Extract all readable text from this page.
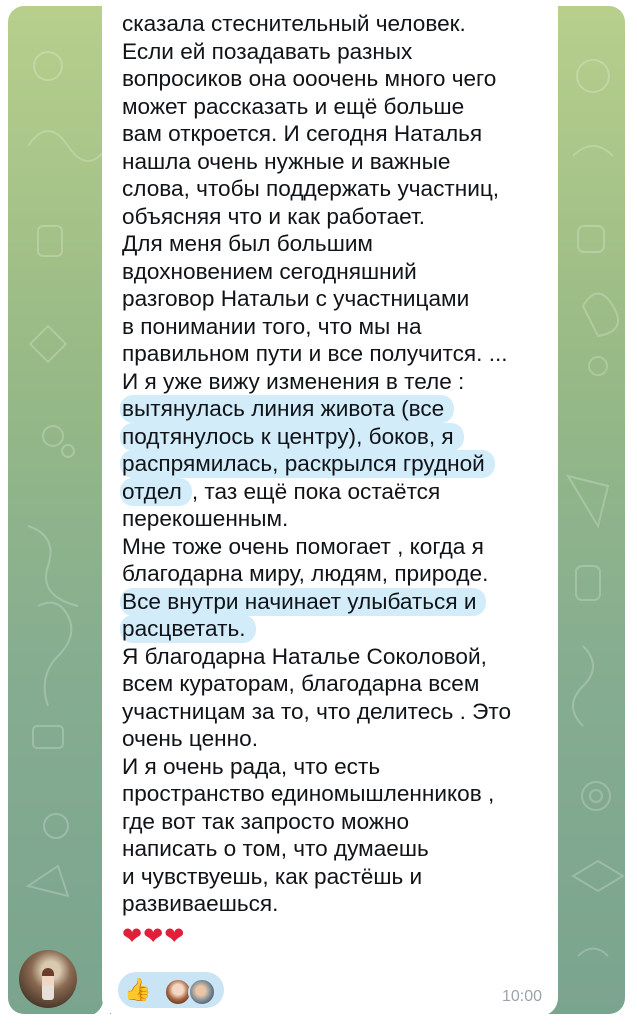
сказала стеснительный человек.
Если ей позадавать разных
вопросиков она ооочень много чего
может рассказать и ещё больше
вам откроется. И сегодня Наталья
нашла очень нужные и важные
слова, чтобы поддержать участниц,
объясняя что и как работает.
Для меня был большим
вдохновением сегодняшний
разговор Натальи с участницами
в понимании того, что мы на
правильном пути и все получится. ...
И я уже вижу изменения в теле :
вытянулась линия живота (все
подтянулось к центру), боков, я
распрямилась, раскрылся грудной
отдел , таз ещё пока остаётся
перекошенным.
Мне тоже очень помогает , когда я
благодарна миру, людям, природе.
Все внутри начинает улыбаться и
расцветать.
Я благодарна Наталье Соколовой,
всем кураторам, благодарна всем
участницам за то, что делитесь . Это
очень ценно.
И я очень рада, что есть
пространство единомышленников ,
где вот так запросто можно
написать о том, что думаешь
и чувствуешь, как растёшь и
развиваешься.
❤❤❤
👍	10:00
